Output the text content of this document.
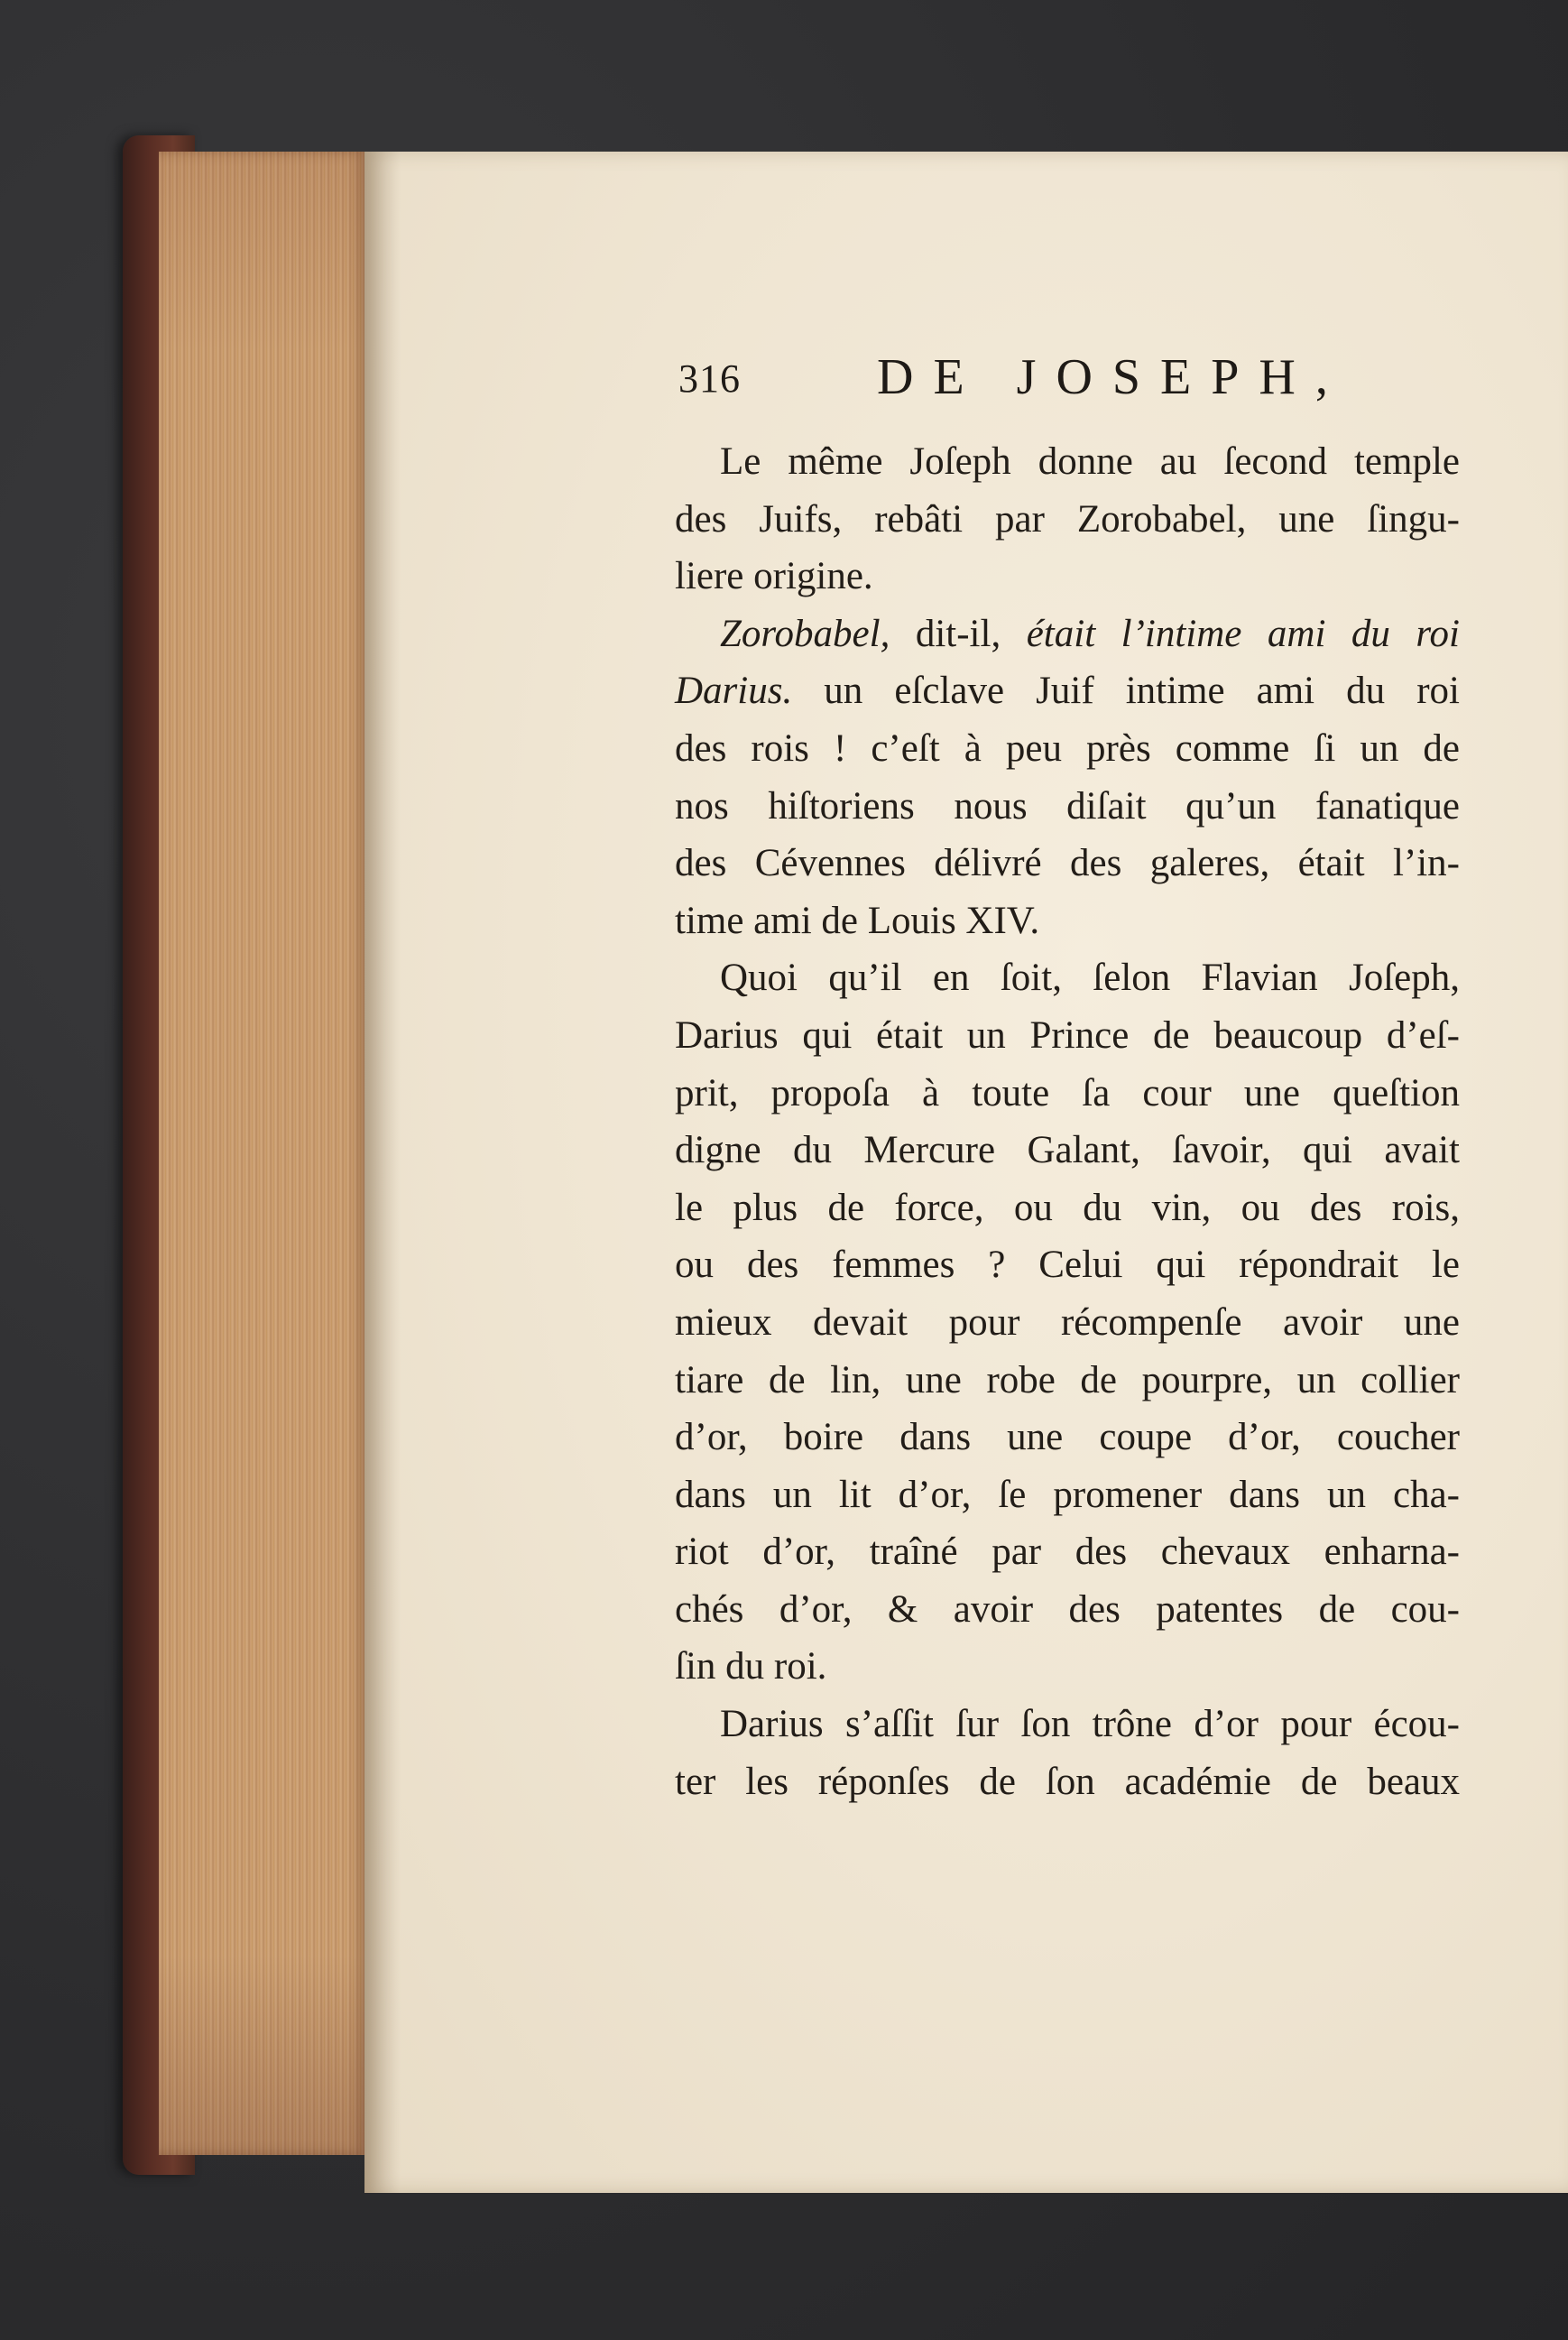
316	DE JOSEPH,
Le même Joſeph donne au ſecond temple
des Juifs, rebâti par Zorobabel, une ſingu-
liere origine.
Zorobabel, dit-il, était l’intime ami du roi
Darius. un eſclave Juif intime ami du roi
des rois ! c’eſt à peu près comme ſi un de
nos hiſtoriens nous diſait qu’un fanatique
des Cévennes délivré des galeres, était l’in-
time ami de Louis XIV.
Quoi qu’il en ſoit, ſelon Flavian Joſeph,
Darius qui était un Prince de beaucoup d’eſ-
prit, propoſa à toute ſa cour une queſtion
digne du Mercure Galant, ſavoir, qui avait
le plus de force, ou du vin, ou des rois,
ou des femmes ? Celui qui répondrait le
mieux devait pour récompenſe avoir une
tiare de lin, une robe de pourpre, un collier
d’or, boire dans une coupe d’or, coucher
dans un lit d’or, ſe promener dans un cha-
riot d’or, traîné par des chevaux enharna-
chés d’or, & avoir des patentes de cou-
ſin du roi.
Darius s’aſſit ſur ſon trône d’or pour écou-
ter les réponſes de ſon académie de beaux
